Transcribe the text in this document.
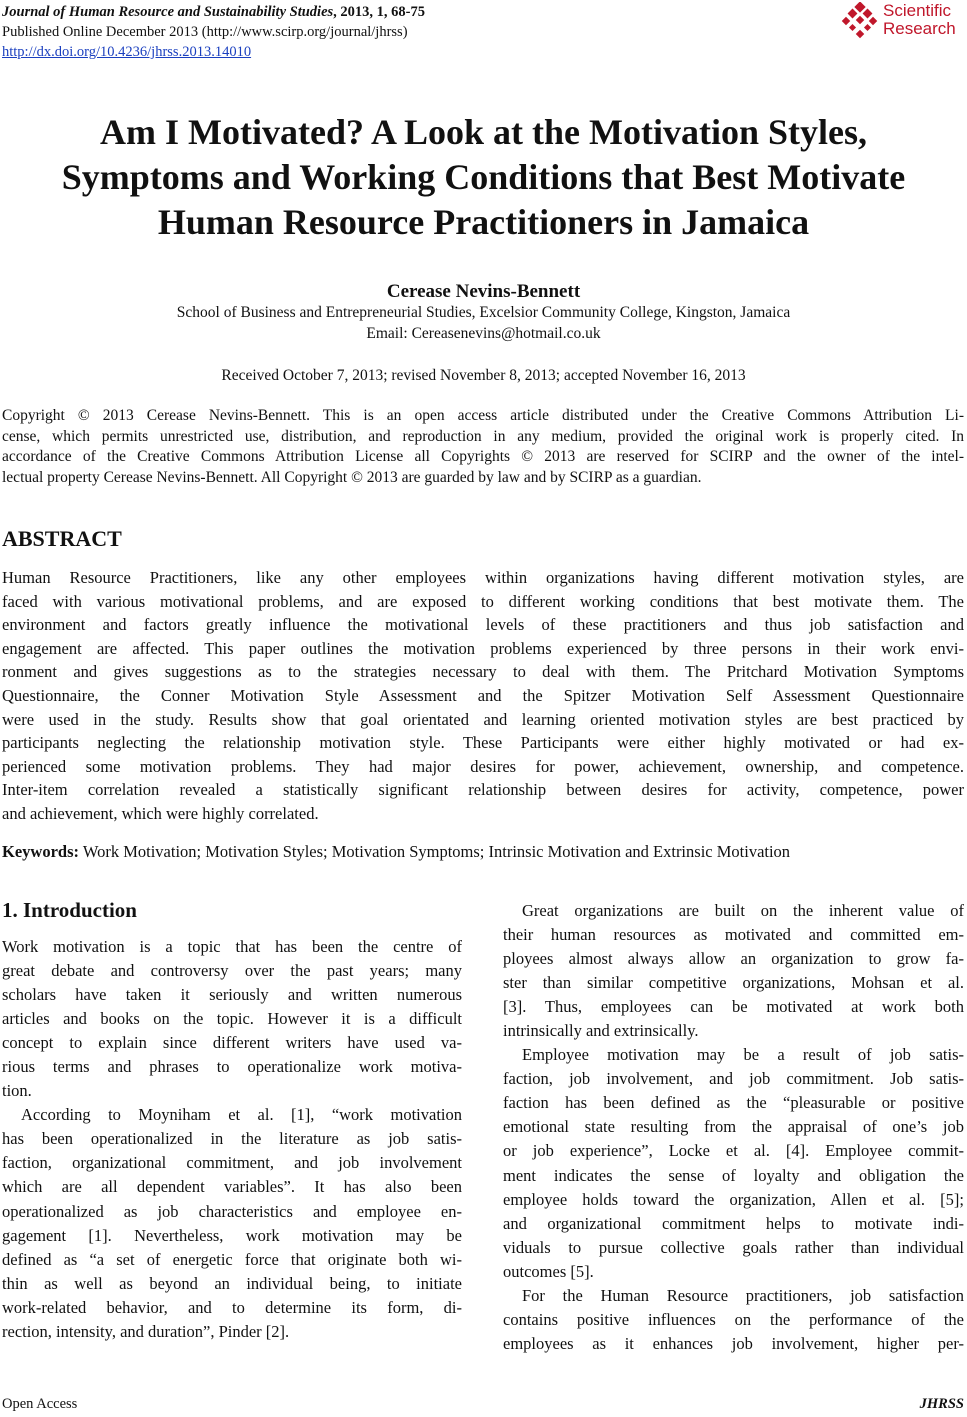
Journal of Human Resource and Sustainability Studies, 2013, 1, 68-75
Published Online December 2013 (http://www.scirp.org/journal/jhrss)
http://dx.doi.org/10.4236/jhrss.2013.14010
Scientific
Research
Am I Motivated? A Look at the Motivation Styles,
Symptoms and Working Conditions that Best Motivate
Human Resource Practitioners in Jamaica
Cerease Nevins-Bennett
School of Business and Entrepreneurial Studies, Excelsior Community College, Kingston, Jamaica
Email: Cereasenevins@hotmail.co.uk
Received October 7, 2013; revised November 8, 2013; accepted November 16, 2013
Copyright © 2013 Cerease Nevins-Bennett. This is an open access article distributed under the Creative Commons Attribution Li-
cense, which permits unrestricted use, distribution, and reproduction in any medium, provided the original work is properly cited. In
accordance of the Creative Commons Attribution License all Copyrights © 2013 are reserved for SCIRP and the owner of the intel-
lectual property Cerease Nevins-Bennett. All Copyright © 2013 are guarded by law and by SCIRP as a guardian.
ABSTRACT
Human Resource Practitioners, like any other employees within organizations having different motivation styles, are
faced with various motivational problems, and are exposed to different working conditions that best motivate them. The
environment and factors greatly influence the motivational levels of these practitioners and thus job satisfaction and
engagement are affected. This paper outlines the motivation problems experienced by three persons in their work envi-
ronment and gives suggestions as to the strategies necessary to deal with them. The Pritchard Motivation Symptoms
Questionnaire, the Conner Motivation Style Assessment and the Spitzer Motivation Self Assessment Questionnaire
were used in the study. Results show that goal orientated and learning oriented motivation styles are best practiced by
participants neglecting the relationship motivation style. These Participants were either highly motivated or had ex-
perienced some motivation problems. They had major desires for power, achievement, ownership, and competence.
Inter-item correlation revealed a statistically significant relationship between desires for activity, competence, power
and achievement, which were highly correlated.
Keywords: Work Motivation; Motivation Styles; Motivation Symptoms; Intrinsic Motivation and Extrinsic Motivation
1. Introduction
Work motivation is a topic that has been the centre of
great debate and controversy over the past years; many
scholars have taken it seriously and written numerous
articles and books on the topic. However it is a difficult
concept to explain since different writers have used va-
rious terms and phrases to operationalize work motiva-
tion.
According to Moyniham et al. [1], “work motivation
has been operationalized in the literature as job satis-
faction, organizational commitment, and job involvement
which are all dependent variables”. It has also been
operationalized as job characteristics and employee en-
gagement [1]. Nevertheless, work motivation may be
defined as “a set of energetic force that originate both wi-
thin as well as beyond an individual being, to initiate
work-related behavior, and to determine its form, di-
rection, intensity, and duration”, Pinder [2].
Great organizations are built on the inherent value of
their human resources as motivated and committed em-
ployees almost always allow an organization to grow fa-
ster than similar competitive organizations, Mohsan et al.
[3]. Thus, employees can be motivated at work both
intrinsically and extrinsically.
Employee motivation may be a result of job satis-
faction, job involvement, and job commitment. Job satis-
faction has been defined as the “pleasurable or positive
emotional state resulting from the appraisal of one’s job
or job experience”, Locke et al. [4]. Employee commit-
ment indicates the sense of loyalty and obligation the
employee holds toward the organization, Allen et al. [5];
and organizational commitment helps to motivate indi-
viduals to pursue collective goals rather than individual
outcomes [5].
For the Human Resource practitioners, job satisfaction
contains positive influences on the performance of the
employees as it enhances job involvement, higher per-
Open Access	JHRSS
